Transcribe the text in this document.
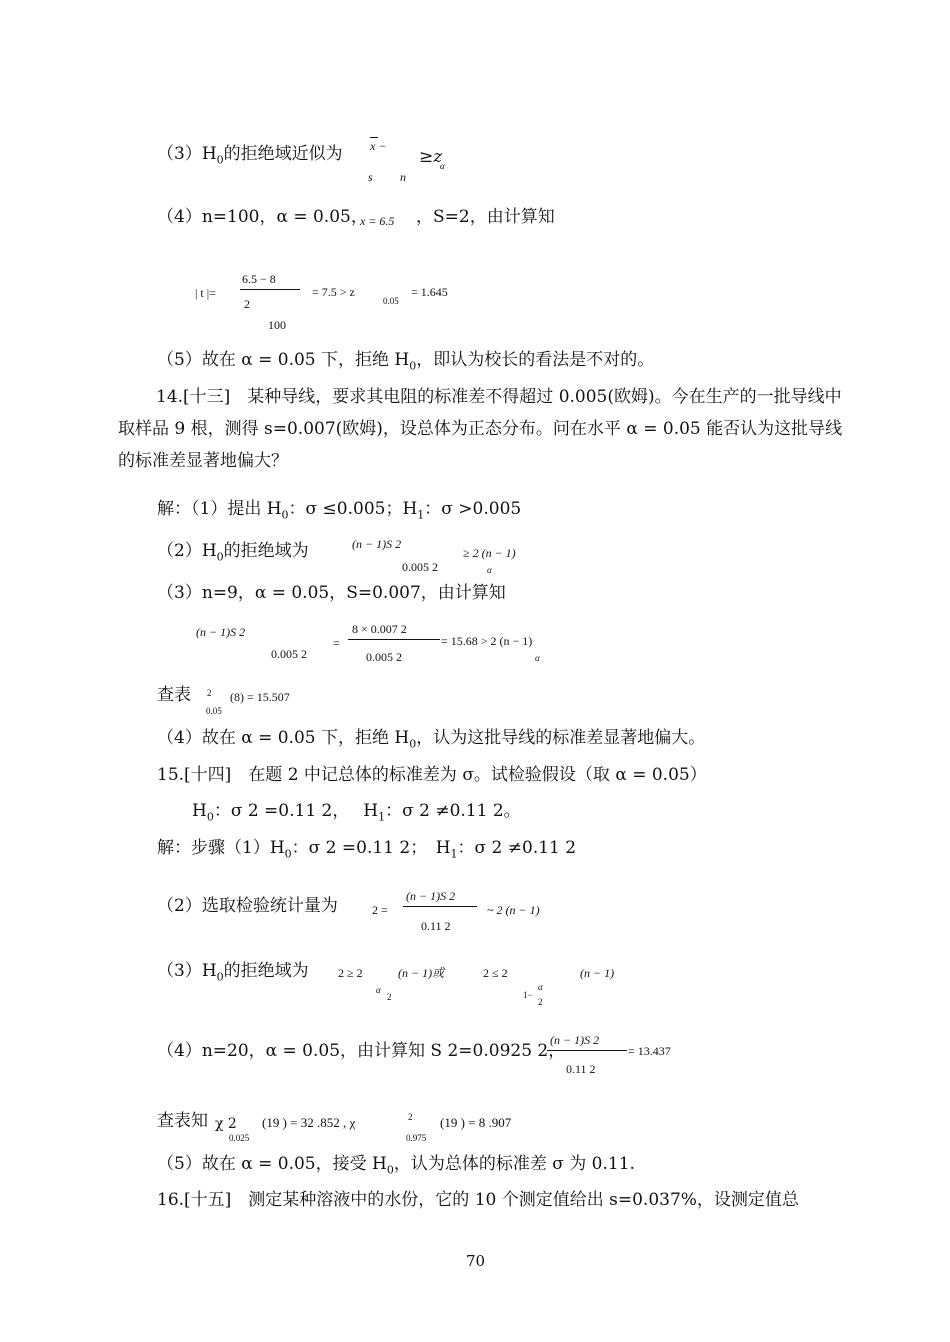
$(3)H_0$的拒绝域近似为 x −
s n
≥z
α
（4）n=100，α = 0.05，
x = 6.5 ，S=2，由计算知
| t |=
6.5 − 8
2
100
= 7.5 > z
0.05
= 1.645
（5）故在 α = 0.05 下，拒绝 $H_0$，即认为校长的看法是不对的。
14.[十三]　某种导线，要求其电阻的标准差不得超过 0.005(欧姆)。今在生产的一批导线中取样品 9 根，测得 s=0.007(欧姆)，设总体为正态分布。问在水平 α = 0.05 能否认为这批导线的标准差显著地偏大？
解：（1）提出 $H_0$：σ ≤0.005；$H_1$：σ >0.005
$(2)H_0$的拒绝域为	(n − 1)S 2
0.005 2
≥ 2 (n − 1)
α
（3）n=9，α = 0.05，S=0.007，由计算知
(n − 1)S 2
0.005 2
=
8 × 0.007 2
0.005 2
= 15.68 > 2 (n − 1)
α
查表 2 (8) = 15.507
0.05
（4）故在 α = 0.05 下，拒绝 $H_0$，认为这批导线的标准差显著地偏大。
15.[十四]　在题 2 中记总体的标准差为 σ。试检验假设（取 α = 0.05）
$H_0$：σ 2 =0.11 2，　 $H_1$：σ 2 ≠0.11 2。
解：步骤$(1)H_0$：σ 2 =0.11 2；　$H_1$：σ 2 ≠0.11 2
（2）选取检验统计量为	2 =
(n − 1)S 2
0.11 2
~ 2 (n − 1)
$(3)H_0$的拒绝域为 2 ≥ 2	(n − 1)或
α
2
2 ≤ 2	(n − 1)
1−
α
2
（4）n=20，α = 0.05，由计算知 S 2=0.0925 2，
(n − 1)S 2
0.11 2
= 13.437
查表知 χ 2
0.025
(19 ) = 32 .852 , χ	2
0.975
(19 ) = 8 .907
（5）故在 α = 0.05，接受 $H_0$，认为总体的标准差 σ 为 0.11.
16.[十五]　测定某种溶液中的水份，它的 10 个测定值给出 s=0.037%，设测定值总
70
